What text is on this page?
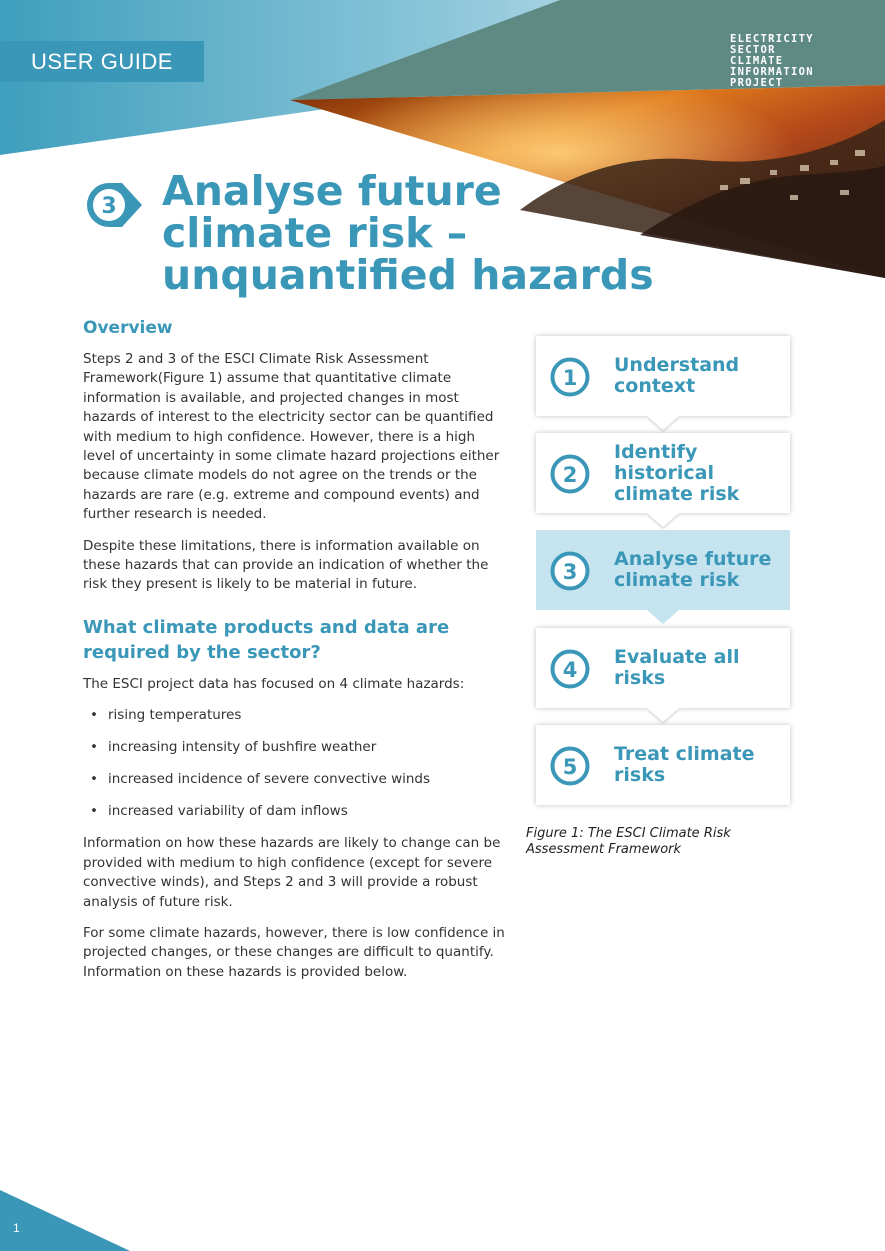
USER GUIDE
ELECTRICITY
SECTOR
CLIMATE
INFORMATION
PROJECT
3 Analyse future
climate risk –
unquantified hazards
Overview

Steps 2 and 3 of the ESCI Climate Risk Assessment Framework(Figure 1) assume that quantitative climate information is available, and projected changes in most hazards of interest to the electricity sector can be quantified with medium to high confidence. However, there is a high level of uncertainty in some climate hazard projections either because climate models do not agree on the trends or the hazards are rare (e.g. extreme and compound events) and further research is needed.

Despite these limitations, there is information available on these hazards that can provide an indication of whether the risk they present is likely to be material in future.

What climate products and data are required by the sector?

The ESCI project data has focused on 4 climate hazards:

• rising temperatures
• increasing intensity of bushfire weather
• increased incidence of severe convective winds
• increased variability of dam inflows

Information on how these hazards are likely to change can be provided with medium to high confidence (except for severe convective winds), and Steps 2 and 3 will provide a robust analysis of future risk.

For some climate hazards, however, there is low confidence in projected changes, or these changes are difficult to quantify. Information on these hazards is provided below.

1
Understand context
2
Identify historical climate risk
3
Analyse future climate risk
4
Evaluate all risks
5
Treat climate risks

Figure 1: The ESCI Climate Risk Assessment Framework

1
